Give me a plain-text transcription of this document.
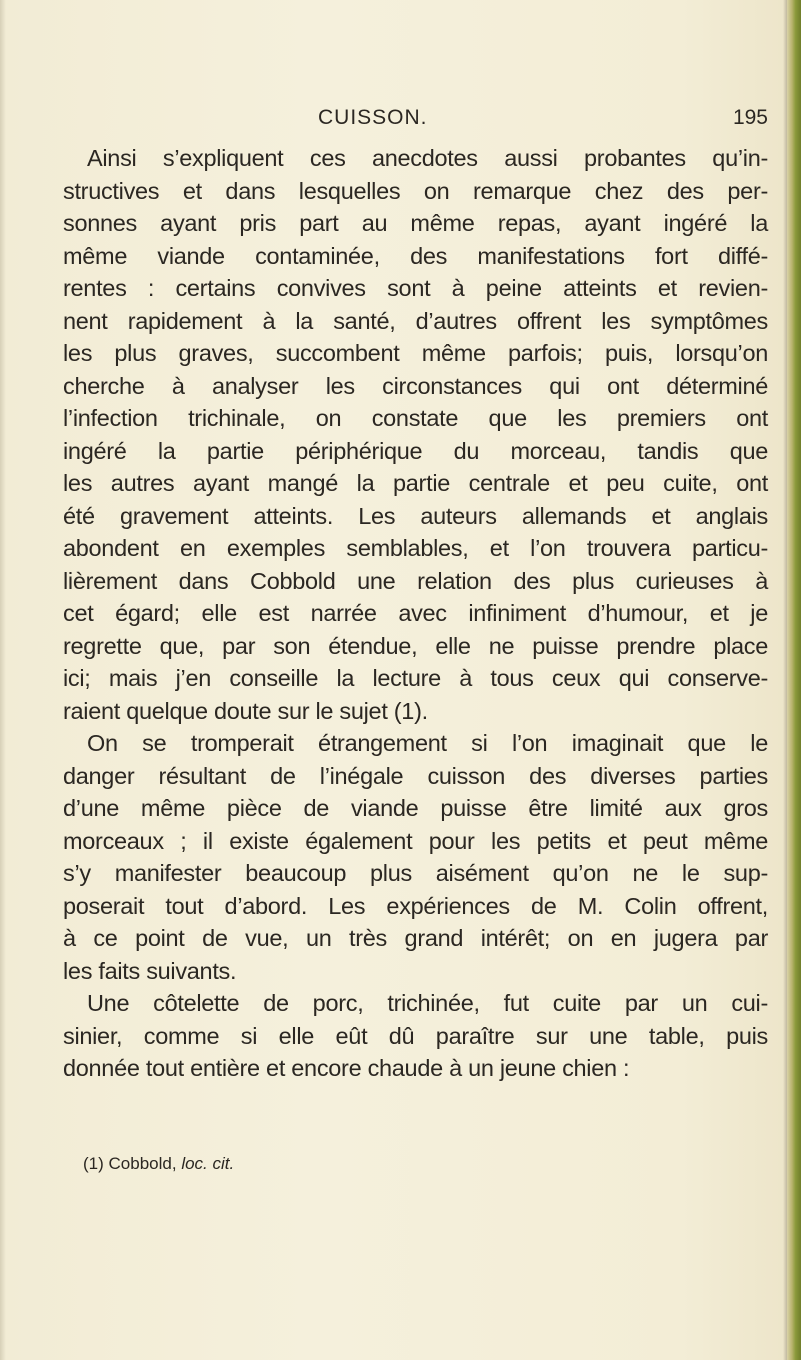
CUISSON.	195

Ainsi s’expliquent ces anecdotes aussi probantes qu’in-
structives et dans lesquelles on remarque chez des per-
sonnes ayant pris part au même repas, ayant ingéré la
même viande contaminée, des manifestations fort diffé-
rentes : certains convives sont à peine atteints et revien-
nent rapidement à la santé, d’autres offrent les symptômes
les plus graves, succombent même parfois; puis, lorsqu’on
cherche à analyser les circonstances qui ont déterminé
l’infection trichinale, on constate que les premiers ont
ingéré la partie périphérique du morceau, tandis que
les autres ayant mangé la partie centrale et peu cuite, ont
été gravement atteints. Les auteurs allemands et anglais
abondent en exemples semblables, et l’on trouvera particu-
lièrement dans Cobbold une relation des plus curieuses à
cet égard; elle est narrée avec infiniment d’humour, et je
regrette que, par son étendue, elle ne puisse prendre place
ici; mais j’en conseille la lecture à tous ceux qui conserve-
raient quelque doute sur le sujet (1).

On se tromperait étrangement si l’on imaginait que le
danger résultant de l’inégale cuisson des diverses parties
d’une même pièce de viande puisse être limité aux gros
morceaux ; il existe également pour les petits et peut même
s’y manifester beaucoup plus aisément qu’on ne le sup-
poserait tout d’abord. Les expériences de M. Colin offrent,
à ce point de vue, un très grand intérêt; on en jugera par
les faits suivants.

Une côtelette de porc, trichinée, fut cuite par un cui-
sinier, comme si elle eût dû paraître sur une table, puis
donnée tout entière et encore chaude à un jeune chien :

(1) Cobbold, loc. cit.
